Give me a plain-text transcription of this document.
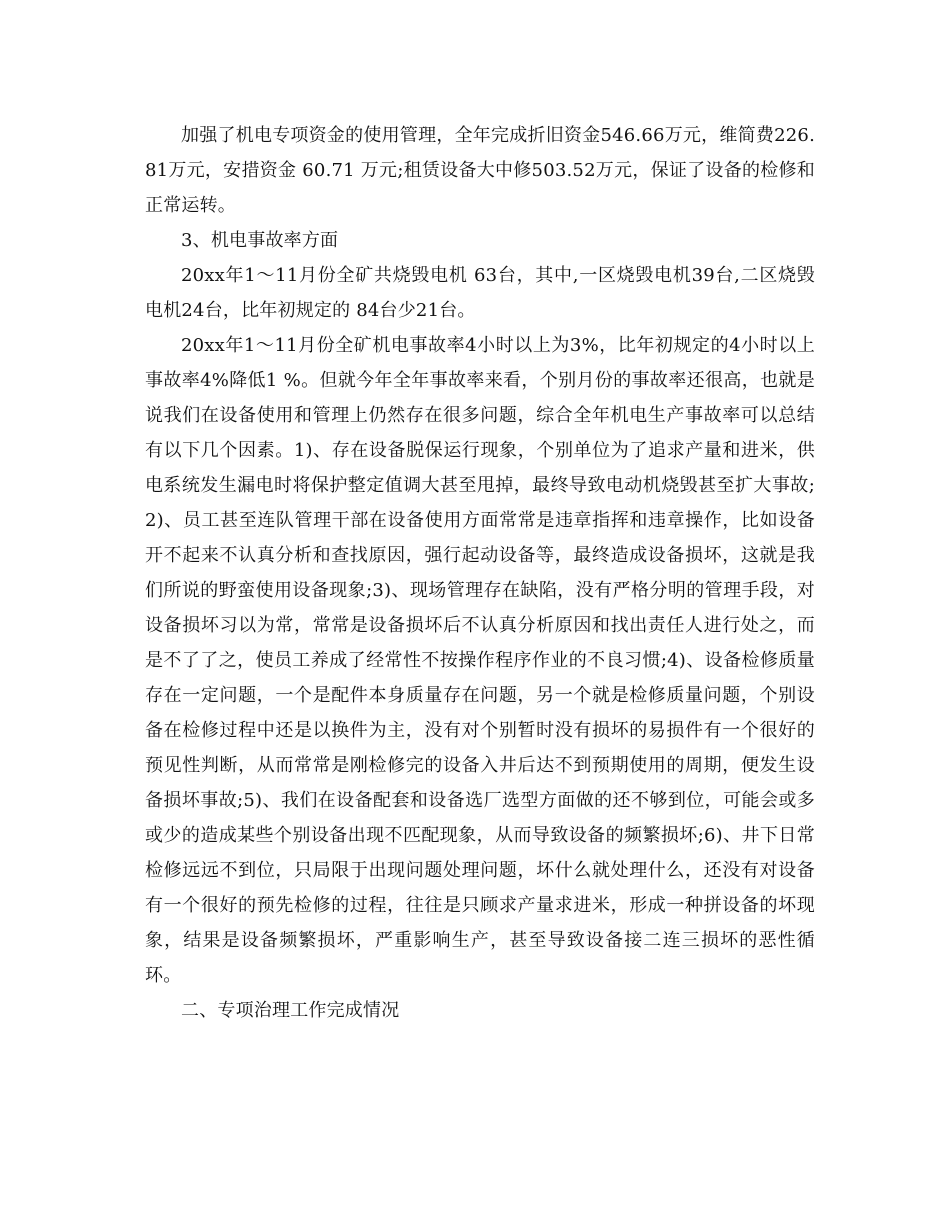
加强了机电专项资金的使用管理，全年完成折旧资金546.66万元，维简费226.81万元，安措资金 60.71 万元;租赁设备大中修503.52万元，保证了设备的检修和正常运转。

3、机电事故率方面

20xx年1～11月份全矿共烧毁电机 63台，其中,一区烧毁电机39台,二区烧毁电机24台，比年初规定的 84台少21台。

20xx年1～11月份全矿机电事故率4小时以上为3%，比年初规定的4小时以上事故率4%降低1 %。但就今年全年事故率来看，个别月份的事故率还很高，也就是说我们在设备使用和管理上仍然存在很多问题，综合全年机电生产事故率可以总结有以下几个因素。1)、存在设备脱保运行现象，个别单位为了追求产量和进米，供电系统发生漏电时将保护整定值调大甚至甩掉，最终导致电动机烧毁甚至扩大事故;2)、员工甚至连队管理干部在设备使用方面常常是违章指挥和违章操作，比如设备开不起来不认真分析和查找原因，强行起动设备等，最终造成设备损坏，这就是我们所说的野蛮使用设备现象;3)、现场管理存在缺陷，没有严格分明的管理手段，对设备损坏习以为常，常常是设备损坏后不认真分析原因和找出责任人进行处之，而是不了了之，使员工养成了经常性不按操作程序作业的不良习惯;4)、设备检修质量存在一定问题，一个是配件本身质量存在问题，另一个就是检修质量问题，个别设备在检修过程中还是以换件为主，没有对个别暂时没有损坏的易损件有一个很好的预见性判断，从而常常是刚检修完的设备入井后达不到预期使用的周期，便发生设备损坏事故;5)、我们在设备配套和设备选厂选型方面做的还不够到位，可能会或多或少的造成某些个别设备出现不匹配现象，从而导致设备的频繁损坏;6)、井下日常检修远远不到位，只局限于出现问题处理问题，坏什么就处理什么，还没有对设备有一个很好的预先检修的过程，往往是只顾求产量求进米，形成一种拼设备的坏现象，结果是设备频繁损坏，严重影响生产，甚至导致设备接二连三损坏的恶性循环。

二、专项治理工作完成情况
